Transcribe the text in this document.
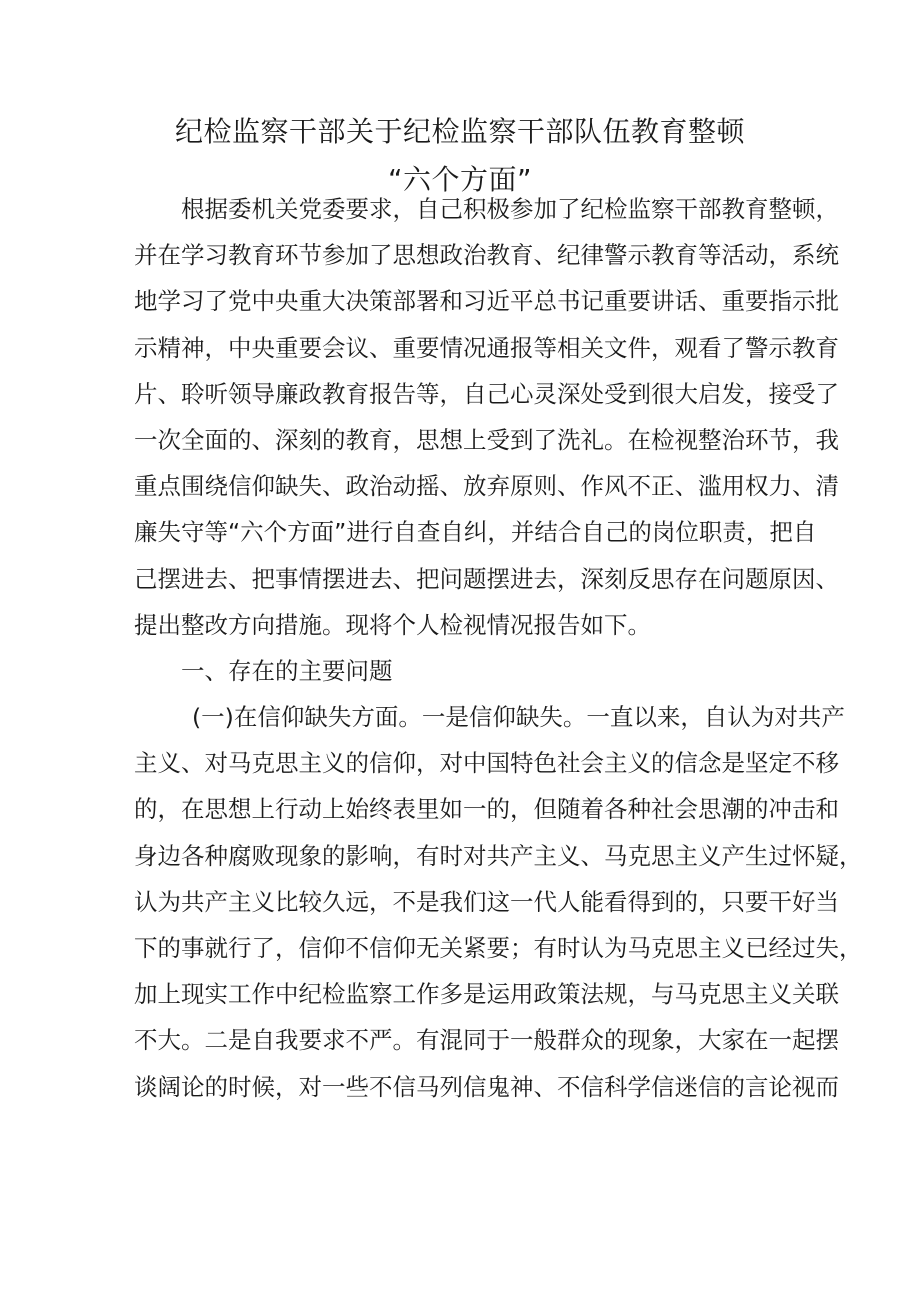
纪检监察干部关于纪检监察干部队伍教育整顿
“六个方面”
根据委机关党委要求，自己积极参加了纪检监察干部教育整顿，
并在学习教育环节参加了思想政治教育、纪律警示教育等活动，系统
地学习了党中央重大决策部署和习近平总书记重要讲话、重要指示批
示精神，中央重要会议、重要情况通报等相关文件，观看了警示教育
片、聆听领导廉政教育报告等，自己心灵深处受到很大启发，接受了
一次全面的、深刻的教育，思想上受到了洗礼。在检视整治环节，我
重点围绕信仰缺失、政治动摇、放弃原则、作风不正、滥用权力、清
廉失守等“六个方面”进行自查自纠，并结合自己的岗位职责，把自
己摆进去、把事情摆进去、把问题摆进去，深刻反思存在问题原因、
提出整改方向措施。现将个人检视情况报告如下。
一、存在的主要问题
(一)在信仰缺失方面。一是信仰缺失。一直以来，自认为对共产
主义、对马克思主义的信仰，对中国特色社会主义的信念是坚定不移
的，在思想上行动上始终表里如一的，但随着各种社会思潮的冲击和
身边各种腐败现象的影响，有时对共产主义、马克思主义产生过怀疑，
认为共产主义比较久远，不是我们这一代人能看得到的，只要干好当
下的事就行了，信仰不信仰无关紧要；有时认为马克思主义已经过失，
加上现实工作中纪检监察工作多是运用政策法规，与马克思主义关联
不大。二是自我要求不严。有混同于一般群众的现象，大家在一起摆
谈阔论的时候，对一些不信马列信鬼神、不信科学信迷信的言论视而
